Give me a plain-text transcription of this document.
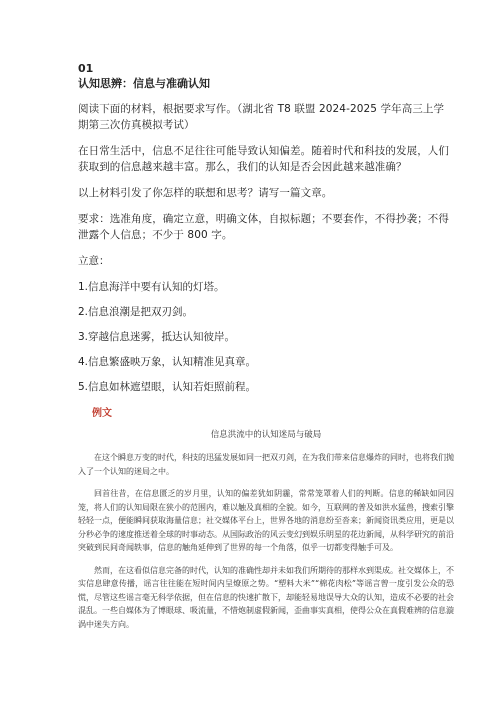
01
认知思辨：信息与准确认知
阅读下面的材料，根据要求写作。（湖北省 T8 联盟 2024-2025 学年高三上学期第三次仿真模拟考试）
在日常生活中，信息不足往往可能导致认知偏差。随着时代和科技的发展，人们获取到的信息越来越丰富。那么，我们的认知是否会因此越来越准确？
以上材料引发了你怎样的联想和思考？请写一篇文章。
要求：选准角度，确定立意，明确文体，自拟标题；不要套作，不得抄袭；不得泄露个人信息；不少于 800 字。
立意：
1.信息海洋中要有认知的灯塔。
2.信息浪潮是把双刃剑。
3.穿越信息迷雾，抵达认知彼岸。
4.信息繁盛映万象，认知精准见真章。
5.信息如林遮望眼，认知若炬照前程。
例文
信息洪流中的认知迷局与破局

在这个瞬息万变的时代，科技的迅猛发展如同一把双刃剑，在为我们带来信息爆炸的同时，也将我们抛入了一个认知的迷局之中。

回首往昔，在信息匮乏的岁月里，认知的偏差犹如阴霾，常常笼罩着人们的判断。信息的稀缺如同囚笼，将人们的认知局限在狭小的范围内，难以触及真相的全貌。如今，互联网的普及如洪水猛兽，搜索引擎轻轻一点，便能瞬间获取海量信息；社交媒体平台上，世界各地的消息纷至沓来；新闻资讯类应用，更是以分秒必争的速度推送着全球的时事动态。从国际政治的风云变幻到娱乐明星的花边新闻，从科学研究的前沿突破到民间奇闻轶事，信息的触角延伸到了世界的每一个角落，似乎一切都变得触手可及。

然而，在这看似信息完备的时代，认知的准确性却并未如我们所期待的那样水到渠成。社交媒体上，不实信息肆意传播，谣言往往能在短时间内呈燎原之势。“塑料大米”“棉花肉松”等谣言曾一度引发公众的恐慌，尽管这些谣言毫无科学依据，但在信息的快速扩散下，却能轻易地误导大众的认知，造成不必要的社会混乱。一些自媒体为了博眼球、吸流量，不惜炮制虚假新闻，歪曲事实真相，使得公众在真假难辨的信息漩涡中迷失方向。
